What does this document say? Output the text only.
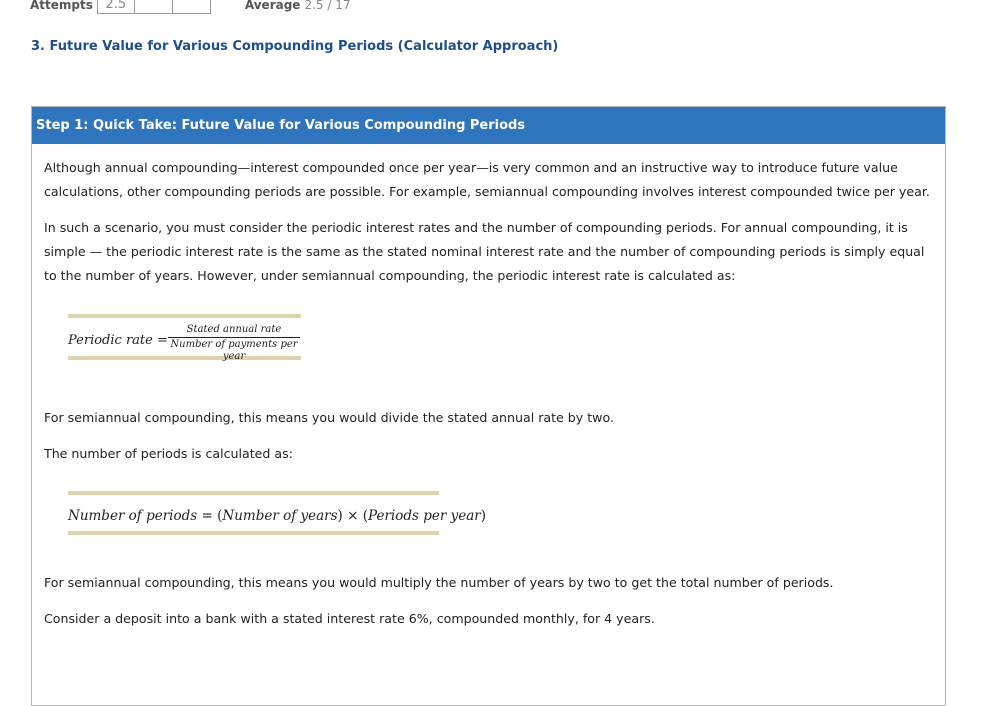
Attempts 2.5	Average 2.5 / 17
3. Future Value for Various Compounding Periods (Calculator Approach)
Step 1: Quick Take: Future Value for Various Compounding Periods

Although annual compounding—interest compounded once per year—is very common and an instructive way to introduce future value calculations, other compounding periods are possible. For example, semiannual compounding involves interest compounded twice per year.

In such a scenario, you must consider the periodic interest rates and the number of compounding periods. For annual compounding, it is simple — the periodic interest rate is the same as the stated nominal interest rate and the number of compounding periods is simply equal to the number of years. However, under semiannual compounding, the periodic interest rate is calculated as:

Periodic rate =
Stated annual rate
Number of payments per year

For semiannual compounding, this means you would divide the stated annual rate by two.

The number of periods is calculated as:

Number of periods = (Number of years) × (Periods per year)

For semiannual compounding, this means you would multiply the number of years by two to get the total number of periods.

Consider a deposit into a bank with a stated interest rate 6%, compounded monthly, for 4 years.
